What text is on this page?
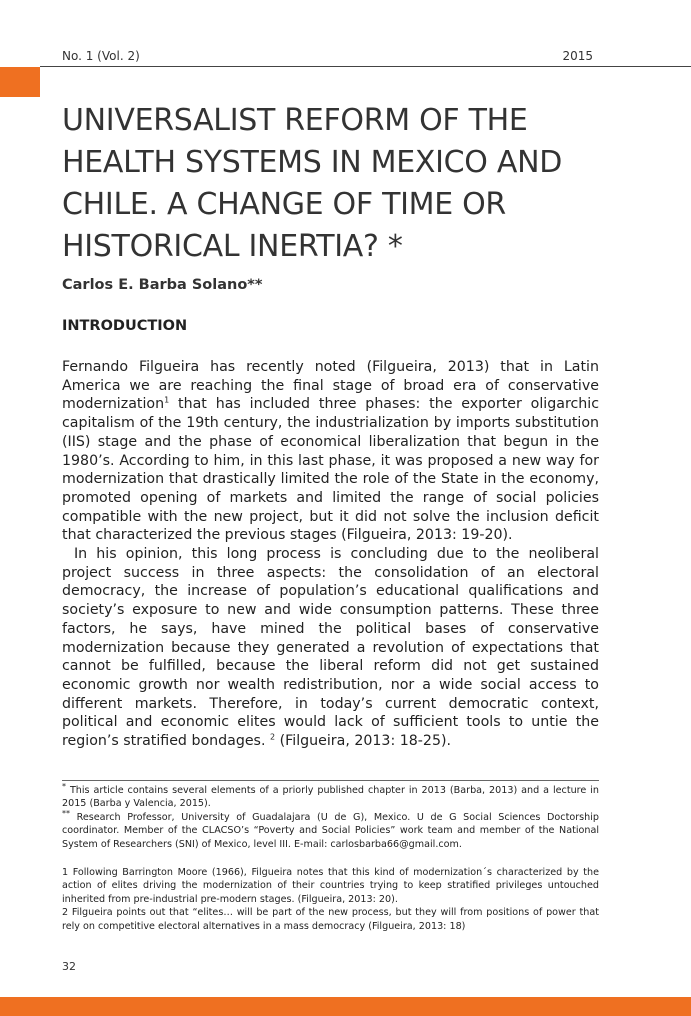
No. 1 (Vol. 2)	2015
UNIVERSALIST REFORM OF THE HEALTH SYSTEMS IN MEXICO AND CHILE. A CHANGE OF TIME OR HISTORICAL INERTIA? *
Carlos E. Barba Solano**
INTRODUCTION

Fernando Filgueira has recently noted (Filgueira, 2013) that in Latin America we are reaching the final stage of broad era of conservative modernization$^1$ that has included three phases: the exporter oligarchic capitalism of the 19th century, the industrialization by imports substitution (IIS) stage and the phase of economical liberalization that begun in the 1980’s. According to him, in this last phase, it was proposed a new way for modernization that drastically limited the role of the State in the economy, promoted opening of markets and limited the range of social policies compatible with the new project, but it did not solve the inclusion deficit that characterized the previous stages (Filgueira, 2013: 19-20).

In his opinion, this long process is concluding due to the neoliberal project success in three aspects: the consolidation of an electoral democracy, the increase of population’s educational qualifications and society’s exposure to new and wide consumption patterns. These three factors, he says, have mined the political bases of conservative modernization because they generated a revolution of expectations that cannot be fulfilled, because the liberal reform did not get sustained economic growth nor wealth redistribution, nor a wide social access to different markets. Therefore, in today’s current democratic context, political and economic elites would lack of sufficient tools to untie the region’s stratified bondages. $^2$ (Filgueira, 2013: 18-25).

* This article contains several elements of a priorly published chapter in 2013 (Barba, 2013) and a lecture in 2015 (Barba y Valencia, 2015).

** Research Professor, University of Guadalajara (U de G), Mexico. U de G Social Sciences Doctorship coordinator. Member of the CLACSO’s “Poverty and Social Policies” work team and member of the National System of Researchers (SNI) of Mexico, level III. E-mail: carlosbarba66@gmail.com.

1 Following Barrington Moore (1966), Filgueira notes that this kind of modernization´s characterized by the action of elites driving the modernization of their countries trying to keep stratified privileges untouched inherited from pre-industrial pre-modern stages. (Filgueira, 2013: 20).

2 Filgueira points out that “elites… will be part of the new process, but they will from positions of power that rely on competitive electoral alternatives in a mass democracy (Filgueira, 2013: 18)

32
